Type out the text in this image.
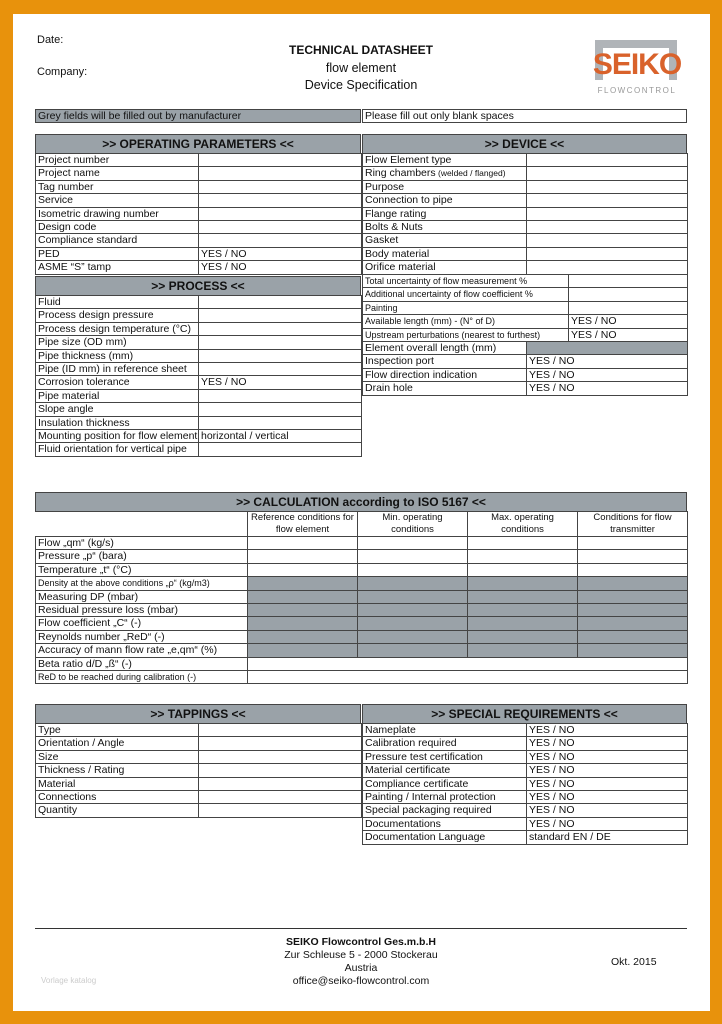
Date:
Company:
TECHNICAL DATASHEET
flow element
Device Specification
SEIKO
FLOWCONTROL
Grey fields will be filled out by manufacturer	Please fill out only blank spaces
>> OPERATING PARAMETERS <<
Project number	
Project name	
Tag number	
Service	
Isometric drawing number	
Design code	
Compliance standard	
PED	YES / NO
ASME “S” tamp	YES / NO
>> PROCESS <<
Fluid	
Process design pressure	
Process design temperature (°C)	
Pipe size (OD mm)	
Pipe thickness (mm)	
Pipe (ID mm) in reference sheet	
Corrosion tolerance	YES / NO
Pipe material	
Slope angle	
Insulation thickness	
Mounting position for flow element	horizontal / vertical
Fluid orientation for vertical pipe	
>> DEVICE <<
Flow Element type	
Ring chambers (welded / flanged)	
Purpose	
Connection to pipe	
Flange rating	
Bolts & Nuts	
Gasket	
Body material	
Orifice material	
Total uncertainty of flow measurement %	
Additional uncertainty of flow coefficient %	
Painting	
Available length (mm) - (N° of D)	YES / NO
Upstream perturbations (nearest to furthest)	YES / NO
Element overall length (mm)	
Inspection port	YES / NO
Flow direction indication	YES / NO
Drain hole	YES / NO
>> CALCULATION according to ISO 5167 <<
	Reference conditions for flow element	Min. operating conditions	Max. operating conditions	Conditions for flow transmitter
Flow „qm“ (kg/s)				
Pressure „p“ (bara)				
Temperature „t“ (°C)				
Density at the above conditions „ρ“ (kg/m3)				
Measuring DP (mbar)				
Residual pressure loss (mbar)				
Flow coefficient „C“ (-)				
Reynolds number „ReD“ (-)				
Accuracy of mann flow rate „e,qm“ (%)				
Beta ratio d/D „ß“ (-)				
ReD to be reached during calibration (-)				
>> TAPPINGS <<
Type	
Orientation / Angle	
Size	
Thickness / Rating	
Material	
Connections	
Quantity	
>> SPECIAL REQUIREMENTS <<
Nameplate	YES / NO
Calibration required	YES / NO
Pressure test certification	YES / NO
Material certificate	YES / NO
Compliance certificate	YES / NO
Painting / Internal protection	YES / NO
Special packaging required	YES / NO
Documentations	YES / NO
Documentation Language	standard EN / DE
SEIKO Flowcontrol Ges.m.b.H
Zur Schleuse 5 - 2000 Stockerau
Austria
office@seiko-flowcontrol.com
Okt. 2015
Vorlage katalog
